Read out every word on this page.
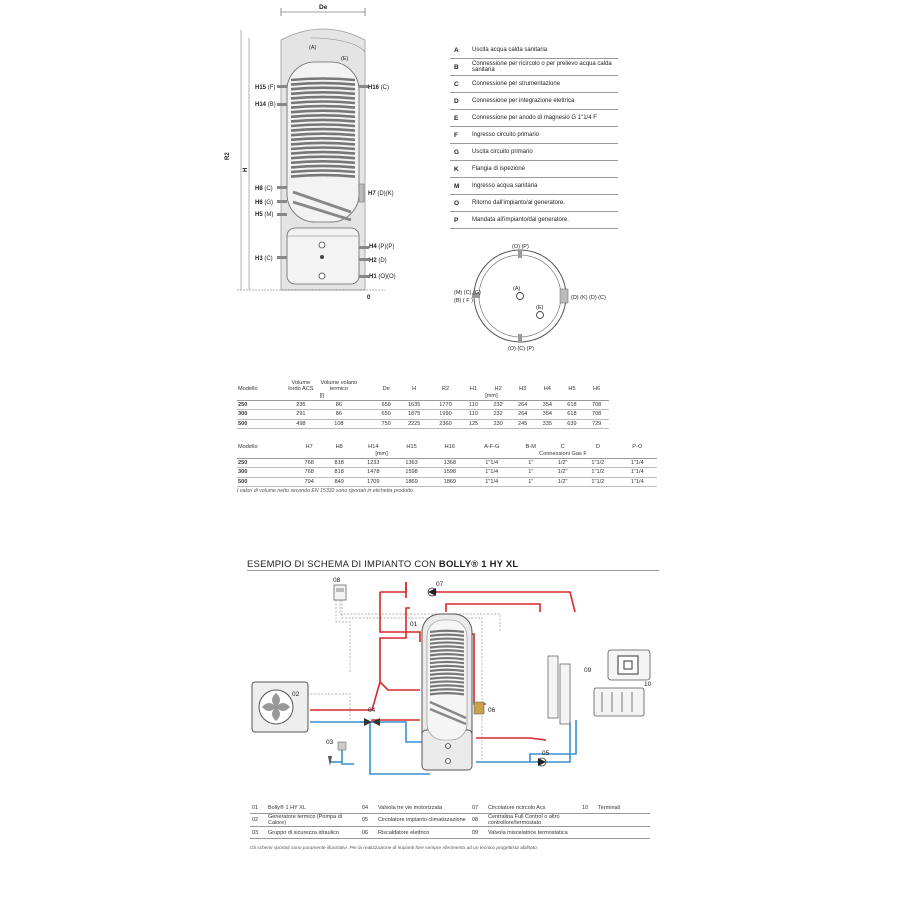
De
(A)
(E)
R2
H
0
H15 (F)
H14 (B)
H8 (C)
H6 (G)
H5 (M)
H3 (C)
H16 (C)
H7 (D)(K)
H4 (P)(P)
H2 (D)
H1 (O)(O)
A	Uscita acqua calda sanitaria
B	Connessione per ricircolo o per prelievo acqua calda sanitaria
C	Connessione per strumentazione
D	Connessione per integrazione elettrica
E	Connessione per anodo di magnesio G 1"1/4 F
F	Ingresso circuito primario
G	Uscita circuito primario
K	Flangia di ispezione
M	Ingresso acqua sanitaria
O	Ritorno dall'impianto/al generatore.
P	Mandata all'impianto/dal generatore.
(O) (P)
(O) (C) (P)
(M) (C) (G)
(B) ( F )	(D) (K) (D) (C)
(A)
(E)
Modello	Volume lordo ACS	Volume volano termico		De	H	R2	H1	H2	H3	H4	H5	H6
	[l]			[mm]								
250	235	86		650	1635	1770	110	232	264	354	618	708
300	291	86		650	1875	1990	110	232	264	354	618	708
500	498	108		750	2225	2360	125	230	245	335	639	729
Modello	H7	H8	H14	H15	H16	A-F-G	B-M	C	D	P-O
	[mm]					Connessioni Gas F				
250	768	818	1233	1363	1368	1"1/4	1"	1/2"	1"1/2	1"1/4
300	768	818	1478	1598	1598	1"1/4	1"	1/2"	1"1/2	1"1/4
500	794	849	1709	1869	1869	1"1/4	1"	1/2"	1"1/2	1"1/4
I valori di volume netto secondo EN 15332 sono riportati in etichetta prodotto.
ESEMPIO DI SCHEMA DI IMPIANTO CON BOLLY® 1 HY XL
08
07
01
02
04	06
03
05
09
10
01	Bolly® 1 HY XL	04	Valvola tre vie motorizzata	07	Circolatore ricircolo Acs	10	Terminali
02	Generatore termico (Pompa di Calore)	05	Circolatore impianto climatizzazione	08	Centralina Full Control o altro controllore/termostato		
03	Gruppo di sicurezza idraulico	06	Riscaldatore elettrico	09	Valvola miscelatrice termostatica		
Gli schemi riportati sono puramente illustrativi. Per la realizzazione di impianti fare sempre riferimento ad un tecnico progettista abilitato.
